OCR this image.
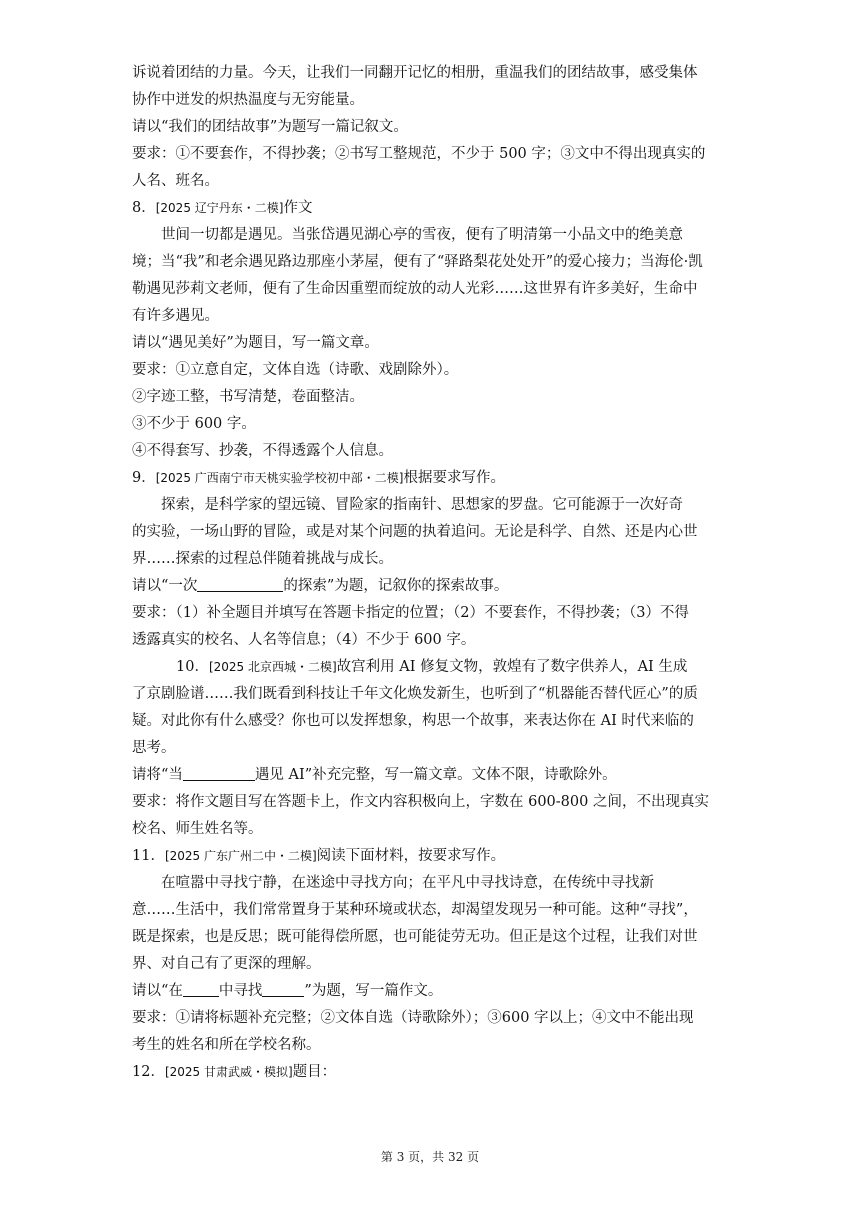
诉说着团结的力量。今天，让我们一同翻开记忆的相册，重温我们的团结故事，感受集体
协作中迸发的炽热温度与无穷能量。
请以“我们的团结故事”为题写一篇记叙文。
要求：①不要套作，不得抄袭；②书写工整规范，不少于 500 字；③文中不得出现真实的
人名、班名。
8．[2025 辽宁丹东・二模]作文
世间一切都是遇见。当张岱遇见湖心亭的雪夜，便有了明清第一小品文中的绝美意
境；当“我”和老余遇见路边那座小茅屋，便有了“驿路梨花处处开”的爱心接力；当海伦·凯
勒遇见莎莉文老师，便有了生命因重塑而绽放的动人光彩……这世界有许多美好，生命中
有许多遇见。
请以“遇见美好”为题目，写一篇文章。
要求：①立意自定，文体自选（诗歌、戏剧除外）。
②字迹工整，书写清楚，卷面整洁。
③不少于 600 字。
④不得套写、抄袭，不得透露个人信息。
9．[2025 广西南宁市天桃实验学校初中部・二模]根据要求写作。
探索，是科学家的望远镜、冒险家的指南针、思想家的罗盘。它可能源于一次好奇
的实验，一场山野的冒险，或是对某个问题的执着追问。无论是科学、自然、还是内心世
界……探索的过程总伴随着挑战与成长。
请以“一次	的探索”为题，记叙你的探索故事。
要求：（1）补全题目并填写在答题卡指定的位置；（2）不要套作，不得抄袭；（3）不得
透露真实的校名、人名等信息；（4）不少于 600 字。
10．[2025 北京西城・二模]故宫利用 AI 修复文物，敦煌有了数字供养人，AI 生成
了京剧脸谱……我们既看到科技让千年文化焕发新生，也听到了“机器能否替代匠心”的质
疑。对此你有什么感受？你也可以发挥想象，构思一个故事，来表达你在 AI 时代来临的
思考。
请将“当	遇见 AI”补充完整，写一篇文章。文体不限，诗歌除外。
要求：将作文题目写在答题卡上，作文内容积极向上，字数在 600-800 之间，不出现真实
校名、师生姓名等。
11．[2025 广东广州二中・二模]阅读下面材料，按要求写作。
在喧嚣中寻找宁静，在迷途中寻找方向；在平凡中寻找诗意，在传统中寻找新
意……生活中，我们常常置身于某种环境或状态，却渴望发现另一种可能。这种“寻找”，
既是探索，也是反思；既可能得偿所愿，也可能徒劳无功。但正是这个过程，让我们对世
界、对自己有了更深的理解。
请以“在 中寻找	”为题，写一篇作文。
要求：①请将标题补充完整；②文体自选（诗歌除外）；③600 字以上；④文中不能出现
考生的姓名和所在学校名称。
12．[2025 甘肃武威・模拟]题目：
第 3 页，共 32 页
